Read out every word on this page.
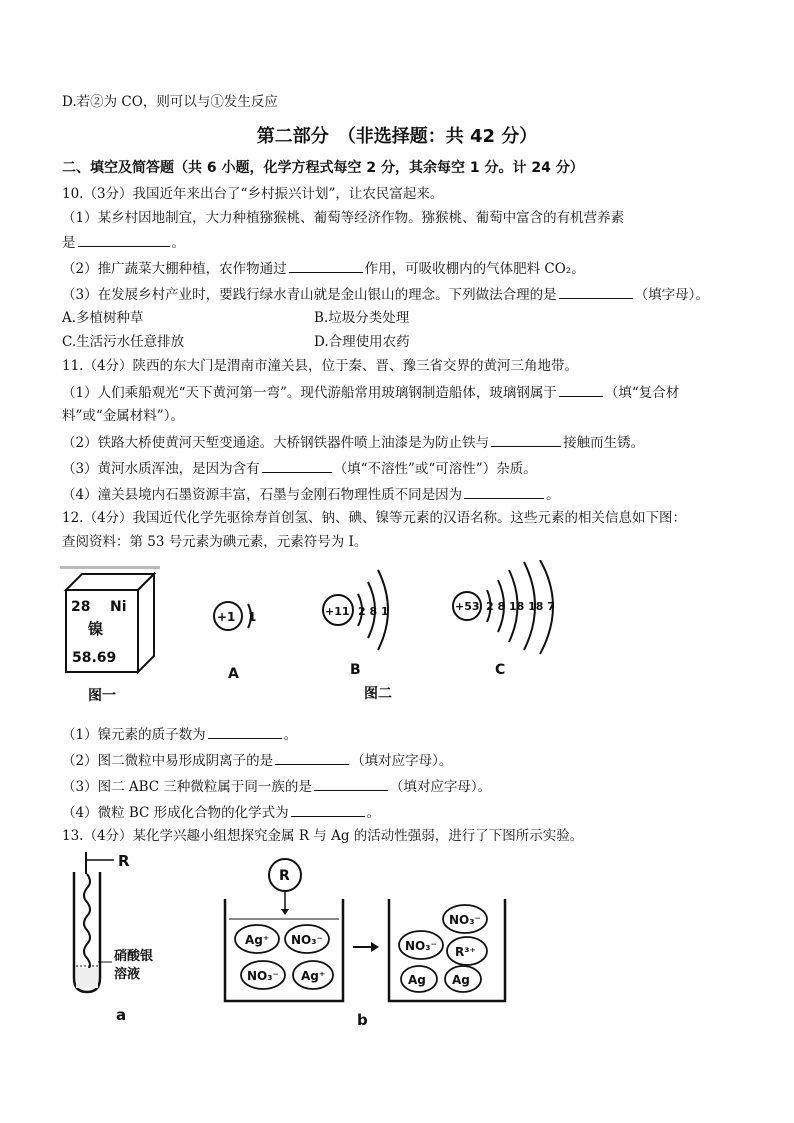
D.若②为 CO，则可以与①发生反应
第二部分　（非选择题：共 42 分）
二、填空及简答题（共 6 小题，化学方程式每空 2 分，其余每空 1 分。计 24 分）
10.（3分）我国近年来出台了“乡村振兴计划”，让农民富起来。
（1）某乡村因地制宜，大力种植猕猴桃、葡萄等经济作物。猕猴桃、葡萄中富含的有机营养素
是	。
（2）推广蔬菜大棚种植，农作物通过	作用，可吸收棚内的气体肥料 CO₂。
（3）在发展乡村产业时，要践行绿水青山就是金山银山的理念。下列做法合理的是	（填字母）。
A.多植树种草	B.垃圾分类处理
C.生活污水任意排放	D.合理使用农药
11.（4分）陕西的东大门是渭南市潼关县，位于秦、晋、豫三省交界的黄河三角地带。
（1）人们乘船观光“天下黄河第一弯”。现代游船常用玻璃钢制造船体，玻璃钢属于	（填“复合材
料”或“金属材料”）。
（2）铁路大桥使黄河天堑变通途。大桥钢铁器件喷上油漆是为防止铁与	接触而生锈。
（3）黄河水质浑浊，是因为含有	（填“不溶性”或“可溶性”）杂质。
（4）潼关县境内石墨资源丰富，石墨与金刚石物理性质不同是因为	。
12.（4分）我国近代化学先驱徐寿首创氢、钠、碘、镍等元素的汉语名称。这些元素的相关信息如下图：
查阅资料：第 53 号元素为碘元素，元素符号为 I。
28 Ni
镍
58.69
图一
+1 1
A
+11 2 8 1
B
+53 2 8 18 18 7
C
图二
（1）镍元素的质子数为	。
（2）图二微粒中易形成阴离子的是	（填对应字母）。
（3）图二 ABC 三种微粒属于同一族的是	（填对应字母）。
（4）微粒 BC 形成化合物的化学式为	。
13.（4分）某化学兴趣小组想探究金属 R 与 Ag 的活动性强弱，进行了下图所示实验。
R
硝酸银
溶液
a
R
Ag⁺ NO₃⁻
NO₃⁻ Ag⁺
NO₃⁻
NO₃⁻ R³⁺
Ag Ag
b
